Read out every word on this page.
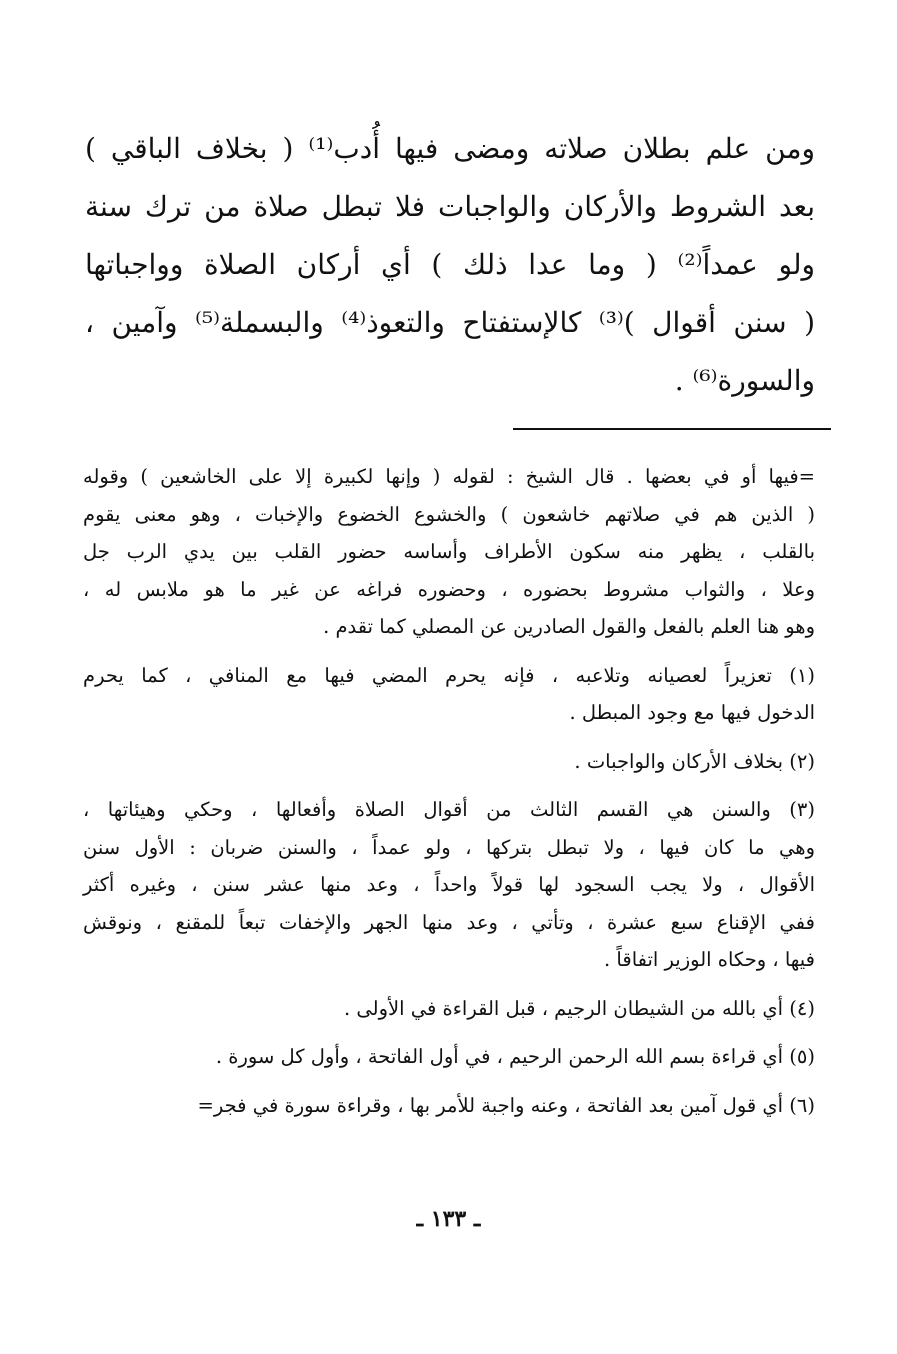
ومن علم بطلان صلاته ومضى فيها أُدب⁽¹⁾ ( بخلاف الباقي )
بعد الشروط والأركان والواجبات فلا تبطل صلاة من ترك سنة
ولو عمداً⁽²⁾ ( وما عدا ذلك ) أي أركان الصلاة وواجباتها
( سنن أقوال )⁽³⁾ كالإستفتاح والتعوذ⁽⁴⁾ والبسملة⁽⁵⁾ وآمين ،
والسورة⁽⁶⁾ .
=فيها أو في بعضها . قال الشيخ : لقوله ( وإنها لكبيرة إلا على الخاشعين ) وقوله
( الذين هم في صلاتهم خاشعون ) والخشوع الخضوع والإخبات ، وهو معنى يقوم
بالقلب ، يظهر منه سكون الأطراف وأساسه حضور القلب بين يدي الرب جل
وعلا ، والثواب مشروط بحضوره ، وحضوره فراغه عن غير ما هو ملابس له ،
وهو هنا العلم بالفعل والقول الصادرين عن المصلي كما تقدم .
(١) تعزيراً لعصيانه وتلاعبه ، فإنه يحرم المضي فيها مع المنافي ، كما يحرم
الدخول فيها مع وجود المبطل .
(٢) بخلاف الأركان والواجبات .
(٣) والسنن هي القسم الثالث من أقوال الصلاة وأفعالها ، وحكي وهيئاتها ،
وهي ما كان فيها ، ولا تبطل بتركها ، ولو عمداً ، والسنن ضربان : الأول سنن
الأقوال ، ولا يجب السجود لها قولاً واحداً ، وعد منها عشر سنن ، وغيره أكثر
ففي الإقناع سبع عشرة ، وتأتي ، وعد منها الجهر والإخفات تبعاً للمقنع ، ونوقش
فيها ، وحكاه الوزير اتفاقاً .
(٤) أي بالله من الشيطان الرجيم ، قبل القراءة في الأولى .
(٥) أي قراءة بسم الله الرحمن الرحيم ، في أول الفاتحة ، وأول كل سورة .
(٦) أي قول آمين بعد الفاتحة ، وعنه واجبة للأمر بها ، وقراءة سورة في فجر=
ـ ١٣٣ ـ
